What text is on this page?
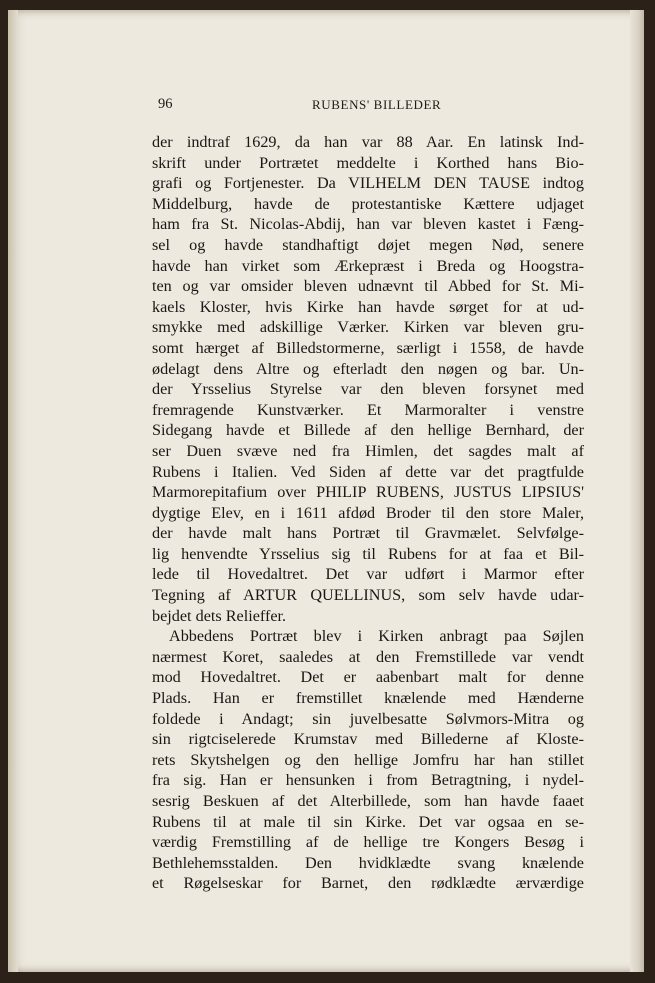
96	RUBENS' BILLEDER
der indtraf 1629, da han var 88 Aar. En latinsk Ind-
skrift under Portrætet meddelte i Korthed hans Bio-
grafi og Fortjenester. Da VILHELM DEN TAUSE indtog
Middelburg, havde de protestantiske Kættere udjaget
ham fra St. Nicolas-Abdij, han var bleven kastet i Fæng-
sel og havde standhaftigt døjet megen Nød, senere
havde han virket som Ærkepræst i Breda og Hoogstra-
ten og var omsider bleven udnævnt til Abbed for St. Mi-
kaels Kloster, hvis Kirke han havde sørget for at ud-
smykke med adskillige Værker. Kirken var bleven gru-
somt hærget af Billedstormerne, særligt i 1558, de havde
ødelagt dens Altre og efterladt den nøgen og bar. Un-
der Yrsselius Styrelse var den bleven forsynet med
fremragende Kunstværker. Et Marmoralter i venstre
Sidegang havde et Billede af den hellige Bernhard, der
ser Duen svæve ned fra Himlen, det sagdes malt af
Rubens i Italien. Ved Siden af dette var det pragtfulde
Marmorepitafium over PHILIP RUBENS, JUSTUS LIPSIUS'
dygtige Elev, en i 1611 afdød Broder til den store Maler,
der havde malt hans Portræt til Gravmælet. Selvfølge-
lig henvendte Yrsselius sig til Rubens for at faa et Bil-
lede til Hovedaltret. Det var udført i Marmor efter
Tegning af ARTUR QUELLINUS, som selv havde udar-
bejdet dets Relieffer.
Abbedens Portræt blev i Kirken anbragt paa Søjlen
nærmest Koret, saaledes at den Fremstillede var vendt
mod Hovedaltret. Det er aabenbart malt for denne
Plads. Han er fremstillet knælende med Hænderne
foldede i Andagt; sin juvelbesatte Sølvmors-Mitra og
sin rigtciselerede Krumstav med Billederne af Kloste-
rets Skytshelgen og den hellige Jomfru har han stillet
fra sig. Han er hensunken i from Betragtning, i nydel-
sesrig Beskuen af det Alterbillede, som han havde faaet
Rubens til at male til sin Kirke. Det var ogsaa en se-
værdig Fremstilling af de hellige tre Kongers Besøg i
Bethlehemsstalden. Den hvidklædte svang knælende
et Røgelseskar for Barnet, den rødklædte ærværdige
